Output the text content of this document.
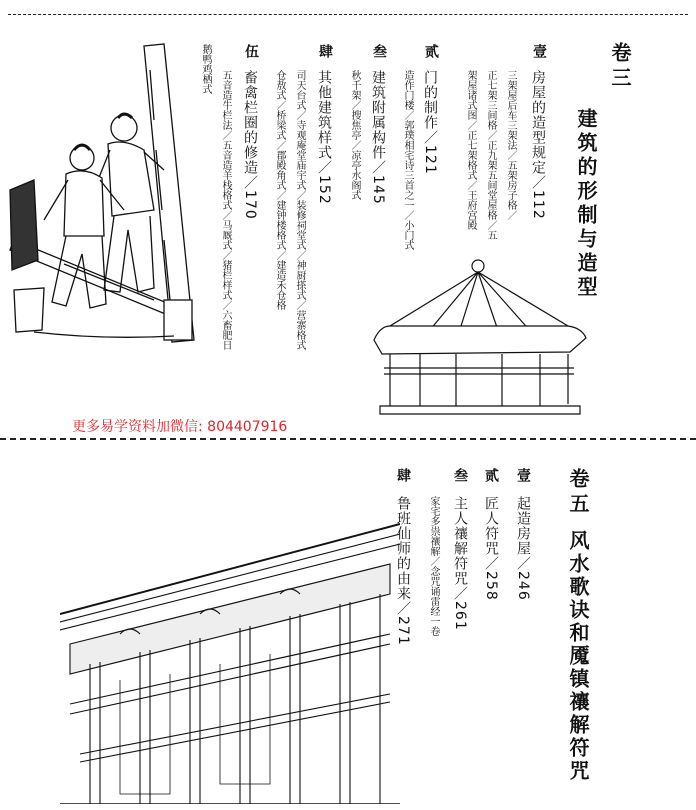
卷三
建筑的形制与造型
壹
房屋的造型规定／112
三架屋后车三架法／五架房子格／
正七架三间格／正九架五间堂屋格／五
架屋诸式图／正七架格式／王府宫殿
贰
门的制作／121
造作门楼／郭璞相宅诗三首之一／小门式
叁
建筑附属构件／145
秋千架／搜焦亭／凉亭水阁式
肆
其他建筑样式／152
司天台式／寺观庵堂庙宇式／装修祠堂式／神厨搽式／营寨格式
仓敖式／桥梁式／郡殿角式／建钟楼格式／建造禾仓格
伍
畜禽栏圈的修造／170
五音造牛栏法／五音造羊栈格式／马厩式／猪栏样式／六畜肥日
鹅鸭鸡栖式
更多易学资料加微信: 804407916
卷五
风水歌诀和魇镇禳解符咒
壹
起造房屋／246
贰
匠人符咒／258
叁
主人禳解符咒／261
家宅多祟禳解／念咒诵雷经一卷
肆
鲁班仙师的由来／271
